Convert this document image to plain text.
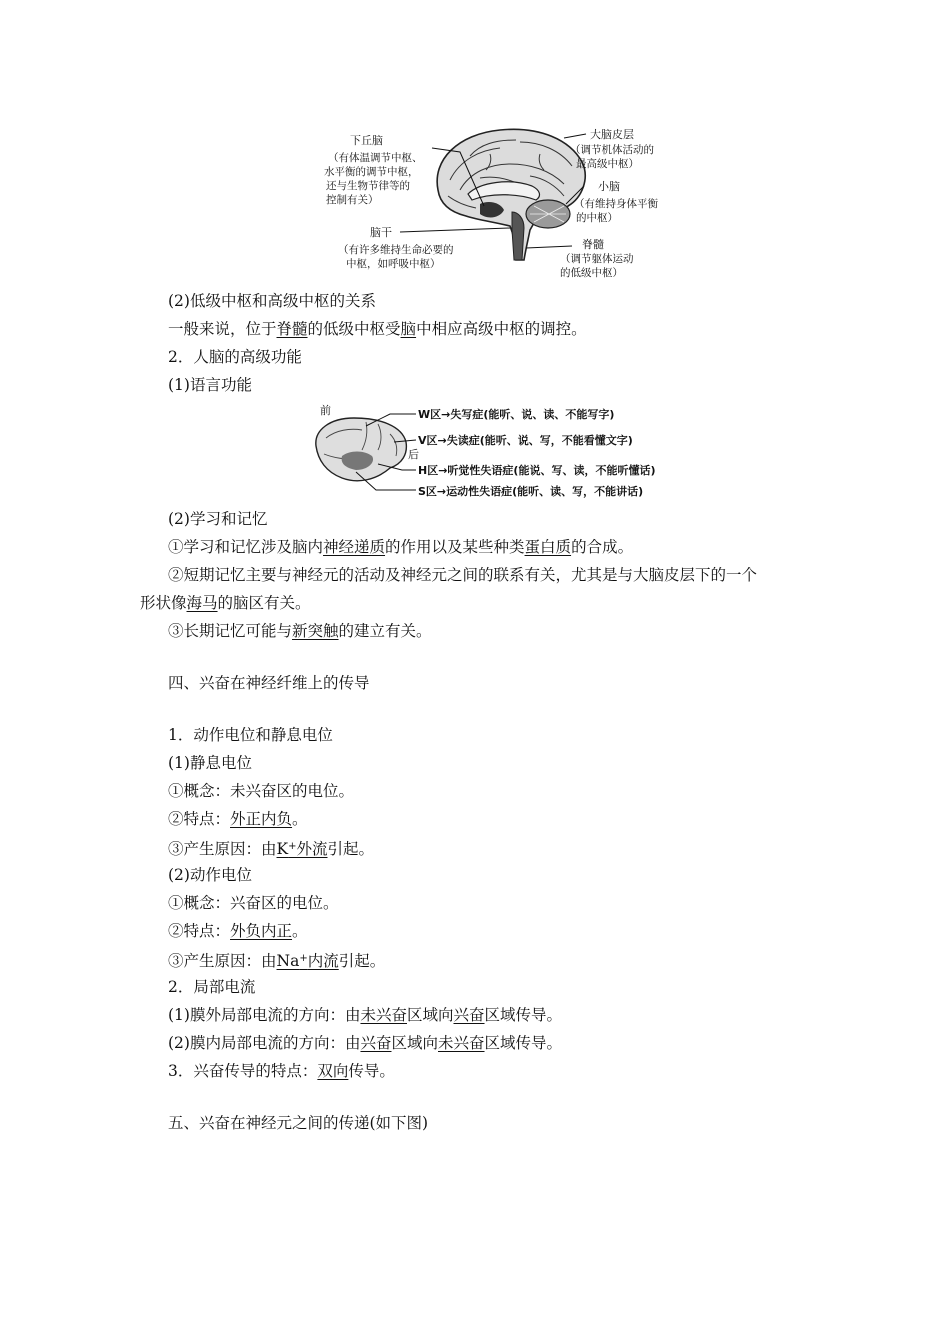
下丘脑
（有体温调节中枢、
水平衡的调节中枢，
还与生物节律等的
控制有关）
脑干
（有许多维持生命必要的
中枢，如呼吸中枢）
大脑皮层
（调节机体活动的
最高级中枢）
小脑
（有维持身体平衡
的中枢）
脊髓
（调节躯体运动
的低级中枢）
(2)低级中枢和高级中枢的关系
一般来说，位于脊髓的低级中枢受脑中相应高级中枢的调控。
2．人脑的高级功能
(1)语言功能
前
后
W区→失写症(能听、说、读、不能写字)
V区→失读症(能听、说、写，不能看懂文字)
H区→听觉性失语症(能说、写、读，不能听懂话)
S区→运动性失语症(能听、读、写，不能讲话)
(2)学习和记忆
①学习和记忆涉及脑内神经递质的作用以及某些种类蛋白质的合成。
②短期记忆主要与神经元的活动及神经元之间的联系有关，尤其是与大脑皮层下的一个
形状像海马的脑区有关。
③长期记忆可能与新突触的建立有关。
四、兴奋在神经纤维上的传导
1．动作电位和静息电位
(1)静息电位
①概念：未兴奋区的电位。
②特点：外正内负。
③产生原因：由K+外流引起。
(2)动作电位
①概念：兴奋区的电位。
②特点：外负内正。
③产生原因：由Na+内流引起。
2．局部电流
(1)膜外局部电流的方向：由未兴奋区域向兴奋区域传导。
(2)膜内局部电流的方向：由兴奋区域向未兴奋区域传导。
3．兴奋传导的特点：双向传导。
五、兴奋在神经元之间的传递(如下图)
